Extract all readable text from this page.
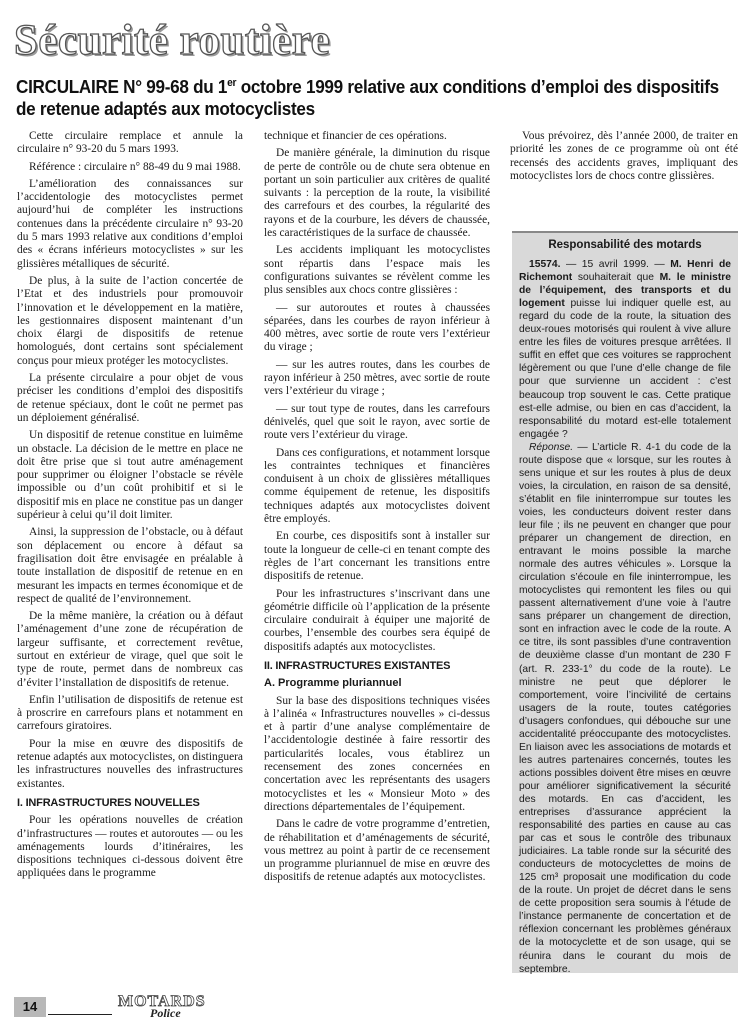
Sécurité routière
CIRCULAIRE N° 99-68 du 1er octobre 1999 relative aux conditions d’emploi des dispositifs de retenue adaptés aux motocyclistes

Cette circulaire remplace et annule la circulaire n° 93-20 du 5 mars 1993.

Référence : circulaire n° 88-49 du 9 mai 1988.

L’amélioration des connaissances sur l’accidentologie des motocyclistes permet aujourd’hui de compléter les instructions contenues dans la précédente circulaire n° 93-20 du 5 mars 1993 relative aux conditions d’emploi des « écrans inférieurs motocyclistes » sur les glissières métalliques de sécurité.

De plus, à la suite de l’action concertée de l’Etat et des industriels pour promouvoir l’innovation et le développement en la matière, les gestionnaires disposent maintenant d’un choix élargi de dispositifs de retenue homologués, dont certains sont spécialement conçus pour mieux protéger les motocyclistes.

La présente circulaire a pour objet de vous préciser les conditions d’emploi des dispositifs de retenue spéciaux, dont le coût ne permet pas un déploiement généralisé.

Un dispositif de retenue constitue en luimême un obstacle. La décision de le mettre en place ne doit être prise que si tout autre aménagement pour supprimer ou éloigner l’obstacle se révèle impossible ou d’un coût prohibitif et si le dispositif mis en place ne constitue pas un danger supérieur à celui qu’il doit limiter.

Ainsi, la suppression de l’obstacle, ou à défaut son déplacement ou encore à défaut sa fragilisation doit être envisagée en préalable à toute installation de dispositif de retenue en en mesurant les impacts en termes économique et de respect de qualité de l’environnement.

De la même manière, la création ou à défaut l’aménagement d’une zone de récupération de largeur suffisante, et correctement revêtue, surtout en extérieur de virage, quel que soit le type de route, permet dans de nombreux cas d’éviter l’installation de dispositifs de retenue.

Enfin l’utilisation de dispositifs de retenue est à proscrire en carrefours plans et notamment en carrefours giratoires.

Pour la mise en œuvre des dispositifs de retenue adaptés aux motocyclistes, on distinguera les infrastructures nouvelles des infrastructures existantes.

I. INFRASTRUCTURES NOUVELLES

Pour les opérations nouvelles de création d’infrastructures — routes et autoroutes — ou les aménagements lourds d’itinéraires, les dispositions techniques ci-dessous doivent être appliquées dans le programme

technique et financier de ces opérations.

De manière générale, la diminution du risque de perte de contrôle ou de chute sera obtenue en portant un soin particulier aux critères de qualité suivants : la perception de la route, la visibilité des carrefours et des courbes, la régularité des rayons et de la courbure, les dévers de chaussée, les caractéristiques de la surface de chaussée.

Les accidents impliquant les motocyclistes sont répartis dans l’espace mais les configurations suivantes se révèlent comme les plus sensibles aux chocs contre glissières :

— sur autoroutes et routes à chaussées séparées, dans les courbes de rayon inférieur à 400 mètres, avec sortie de route vers l’extérieur du virage ;

— sur les autres routes, dans les courbes de rayon inférieur à 250 mètres, avec sortie de route vers l’extérieur du virage ;

— sur tout type de routes, dans les carrefours dénivelés, quel que soit le rayon, avec sortie de route vers l’extérieur du virage.

Dans ces configurations, et notamment lorsque les contraintes techniques et financières conduisent à un choix de glissières métalliques comme équipement de retenue, les dispositifs techniques adaptés aux motocyclistes doivent être employés.

En courbe, ces dispositifs sont à installer sur toute la longueur de celle-ci en tenant compte des règles de l’art concernant les transitions entre dispositifs de retenue.

Pour les infrastructures s’inscrivant dans une géométrie difficile où l’application de la présente circulaire conduirait à équiper une majorité de courbes, l’ensemble des courbes sera équipé de dispositifs adaptés aux motocyclistes.

II. INFRASTRUCTURES EXISTANTES

A. Programme pluriannuel

Sur la base des dispositions techniques visées à l’alinéa « Infrastructures nouvelles » ci-dessus et à partir d’une analyse complémentaire de l’accidentologie destinée à faire ressortir des particularités locales, vous établirez un recensement des zones concernées en concertation avec les représentants des usagers motocyclistes et les « Monsieur Moto » des directions départementales de l’équipement.

Dans le cadre de votre programme d’entretien, de réhabilitation et d’aménagements de sécurité, vous mettrez au point à partir de ce recensement un programme pluriannuel de mise en œuvre des dispositifs de retenue adaptés aux motocyclistes.

Vous prévoirez, dès l’année 2000, de traiter en priorité les zones de ce programme où ont été recensés des accidents graves, impliquant des motocyclistes lors de chocs contre glissières.

Responsabilité des motards

15574. — 15 avril 1999. — M. Henri de Richemont souhaiterait que M. le ministre de l’équipement, des transports et du logement puisse lui indiquer quelle est, au regard du code de la route, la situation des deux-roues motorisés qui roulent à vive allure entre les files de voitures presque arrêtées. Il suffit en effet que ces voitures se rapprochent légèrement ou que l’une d’elle change de file pour que survienne un accident : c’est beaucoup trop souvent le cas. Cette pratique est-elle admise, ou bien en cas d’accident, la responsabilité du motard est-elle totalement engagée ?

Réponse. — L’article R. 4-1 du code de la route dispose que « lorsque, sur les routes à sens unique et sur les routes à plus de deux voies, la circulation, en raison de sa densité, s’établit en file ininterrompue sur toutes les voies, les conducteurs doivent rester dans leur file ; ils ne peuvent en changer que pour préparer un changement de direction, en entravant le moins possible la marche normale des autres véhicules ». Lorsque la circulation s’écoule en file ininterrompue, les motocyclistes qui remontent les files ou qui passent alternativement d’une voie à l’autre sans préparer un changement de direction, sont en infraction avec le code de la route. A ce titre, ils sont passibles d’une contravention de deuxième classe d’un montant de 230 F (art. R. 233-1° du code de la route). Le ministre ne peut que déplorer le comportement, voire l’incivilité de certains usagers de la route, toutes catégories d’usagers confondues, qui débouche sur une accidentalité préoccupante des motocyclistes. En liaison avec les associations de motards et les autres partenaires concernés, toutes les actions possibles doivent être mises en œuvre pour améliorer significativement la sécurité des motards. En cas d’accident, les entreprises d’assurance apprécient la responsabilité des parties en cause au cas par cas et sous le contrôle des tribunaux judiciaires. La table ronde sur la sécurité des conducteurs de motocyclettes de moins de 125 cm³ proposait une modification du code de la route. Un projet de décret dans le sens de cette proposition sera soumis à l’étude de l’instance permanente de concertation et de réflexion concernant les problèmes généraux de la motocyclette et de son usage, qui se réunira dans le courant du mois de septembre.

14	MOTARDS
Police
